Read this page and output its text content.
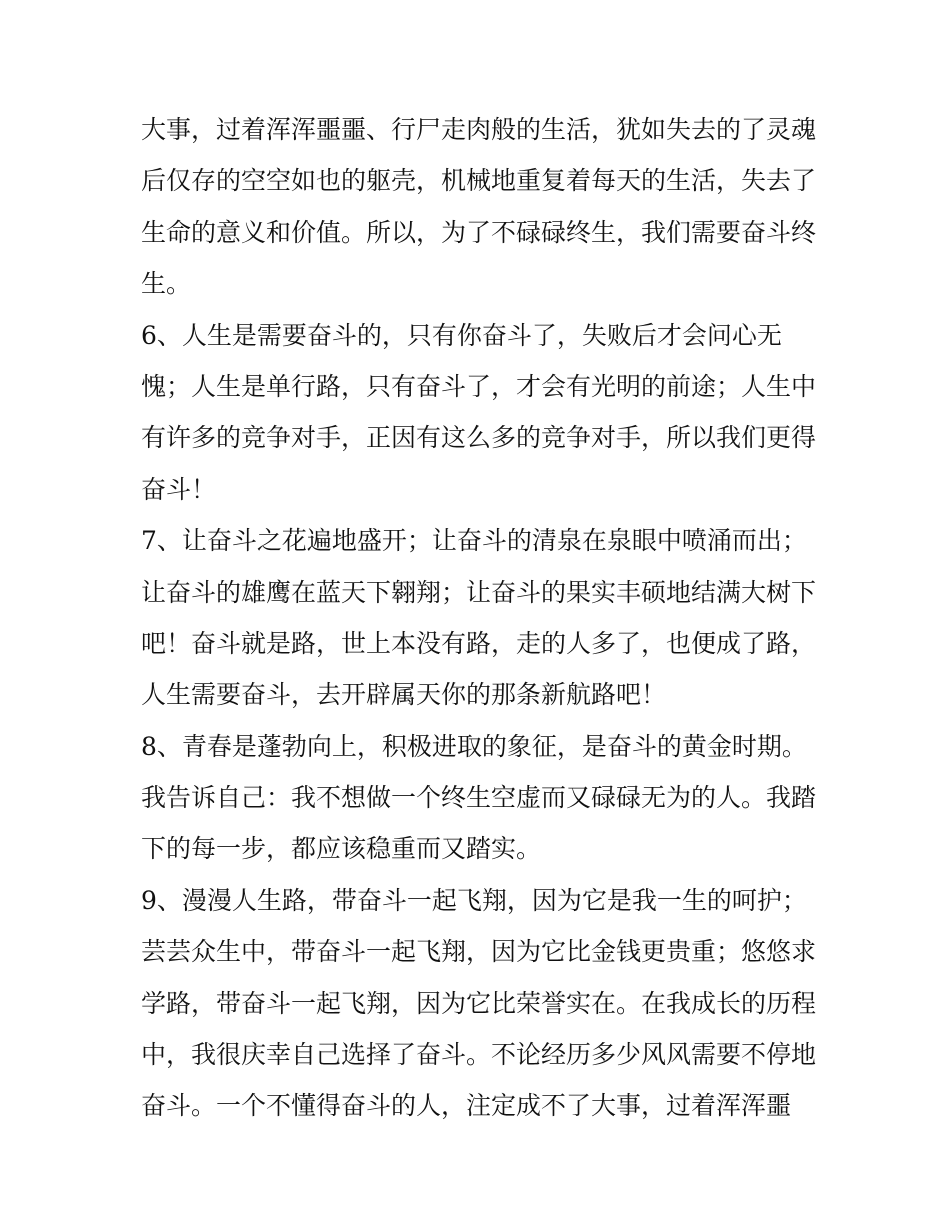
大事，过着浑浑噩噩、行尸走肉般的生活，犹如失去的了灵魂
后仅存的空空如也的躯壳，机械地重复着每天的生活，失去了
生命的意义和价值。所以，为了不碌碌终生，我们需要奋斗终
生。
6、人生是需要奋斗的，只有你奋斗了，失败后才会问心无
愧；人生是单行路，只有奋斗了，才会有光明的前途；人生中
有许多的竞争对手，正因有这么多的竞争对手，所以我们更得
奋斗！
7、让奋斗之花遍地盛开；让奋斗的清泉在泉眼中喷涌而出；
让奋斗的雄鹰在蓝天下翱翔；让奋斗的果实丰硕地结满大树下
吧！奋斗就是路，世上本没有路，走的人多了，也便成了路，
人生需要奋斗，去开辟属天你的那条新航路吧！
8、青春是蓬勃向上，积极进取的象征，是奋斗的黄金时期。
我告诉自己：我不想做一个终生空虚而又碌碌无为的人。我踏
下的每一步，都应该稳重而又踏实。
9、漫漫人生路，带奋斗一起飞翔，因为它是我一生的呵护；
芸芸众生中，带奋斗一起飞翔，因为它比金钱更贵重；悠悠求
学路，带奋斗一起飞翔，因为它比荣誉实在。在我成长的历程
中，我很庆幸自己选择了奋斗。不论经历多少风风需要不停地
奋斗。一个不懂得奋斗的人，注定成不了大事，过着浑浑噩
